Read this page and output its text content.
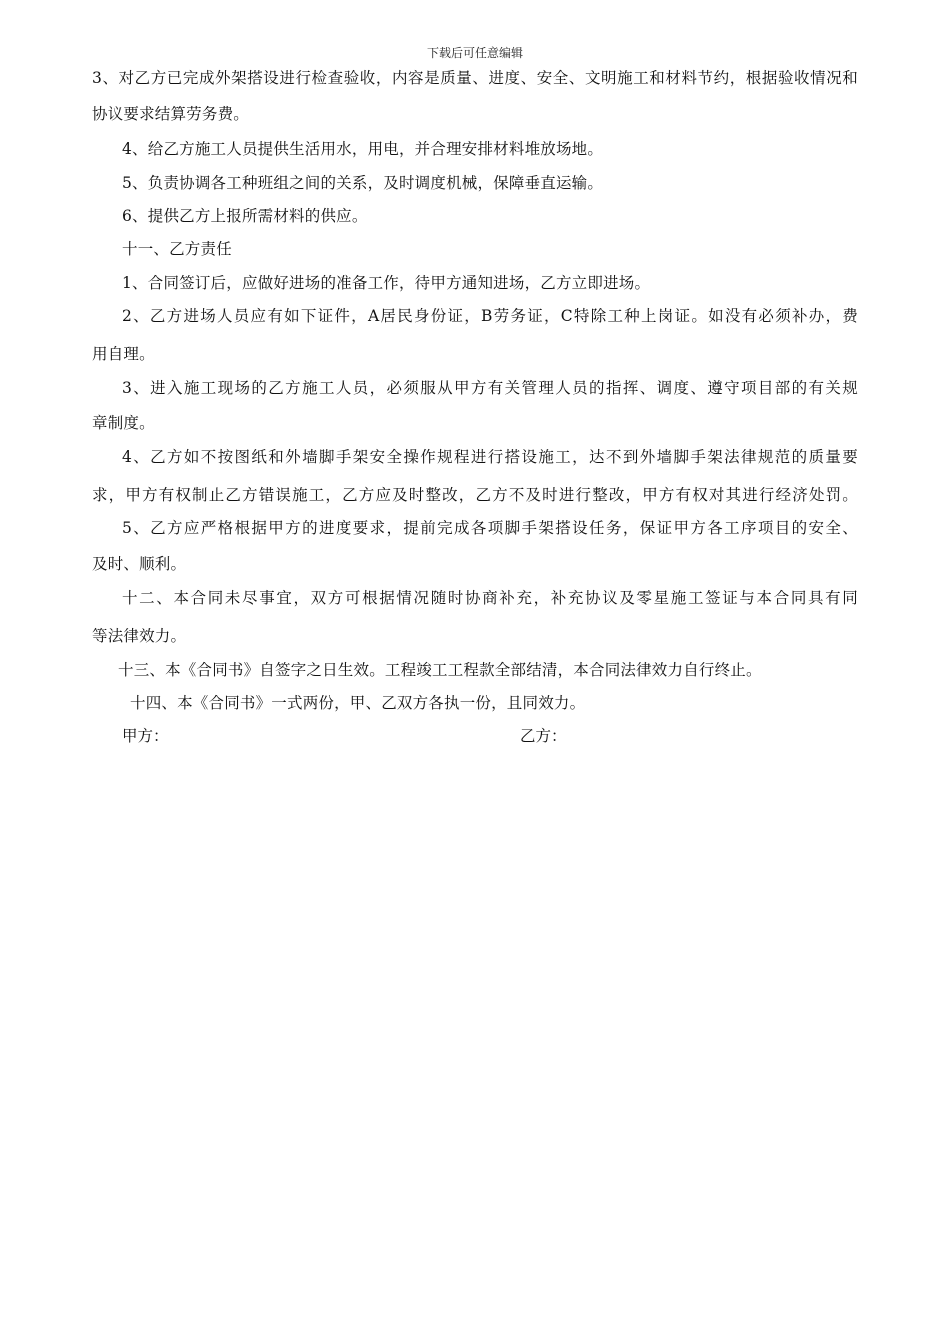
下载后可任意编辑
3、对乙方已完成外架搭设进行检查验收，内容是质量、进度、安全、文明施工和材料节约，根据验收情况和
协议要求结算劳务费。
4、给乙方施工人员提供生活用水，用电，并合理安排材料堆放场地。
5、负责协调各工种班组之间的关系，及时调度机械，保障垂直运输。
6、提供乙方上报所需材料的供应。
十一、乙方责任
1、合同签订后，应做好进场的准备工作，待甲方通知进场，乙方立即进场。
2、乙方进场人员应有如下证件，A居民身份证，B劳务证，C特除工种上岗证。如没有必须补办，费
用自理。
3、进入施工现场的乙方施工人员，必须服从甲方有关管理人员的指挥、调度、遵守项目部的有关规
章制度。
4、乙方如不按图纸和外墙脚手架安全操作规程进行搭设施工，达不到外墙脚手架法律规范的质量要
求，甲方有权制止乙方错误施工，乙方应及时整改，乙方不及时进行整改，甲方有权对其进行经济处罚。
5、乙方应严格根据甲方的进度要求，提前完成各项脚手架搭设任务，保证甲方各工序项目的安全、
及时、顺利。
十二、本合同未尽事宜，双方可根据情况随时协商补充，补充协议及零星施工签证与本合同具有同
等法律效力。
十三、本《合同书》自签字之日生效。工程竣工工程款全部结清，本合同法律效力自行终止。
十四、本《合同书》一式两份，甲、乙双方各执一份，且同效力。
甲方：	乙方：
